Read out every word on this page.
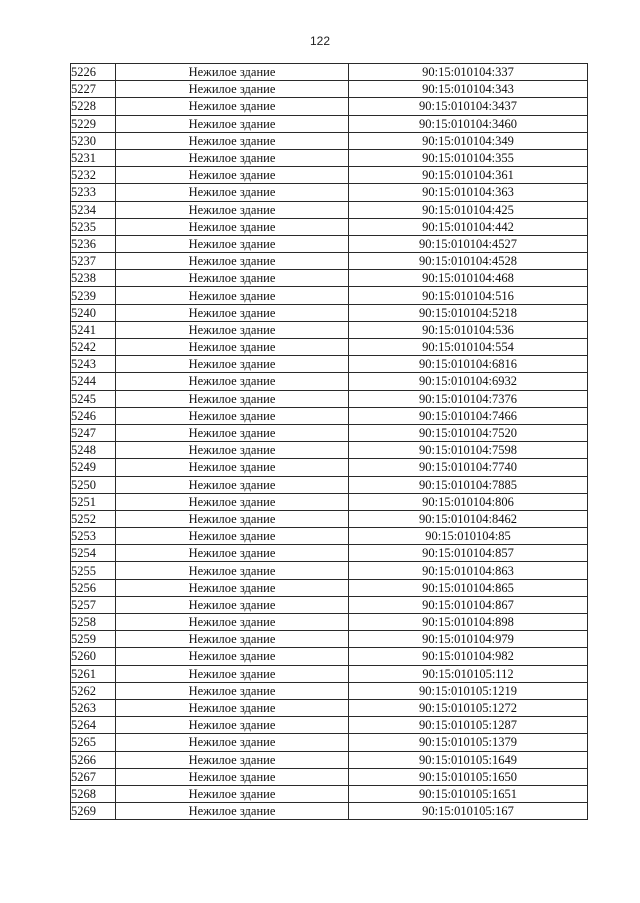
122
5226	Нежилое здание	90:15:010104:337
5227	Нежилое здание	90:15:010104:343
5228	Нежилое здание	90:15:010104:3437
5229	Нежилое здание	90:15:010104:3460
5230	Нежилое здание	90:15:010104:349
5231	Нежилое здание	90:15:010104:355
5232	Нежилое здание	90:15:010104:361
5233	Нежилое здание	90:15:010104:363
5234	Нежилое здание	90:15:010104:425
5235	Нежилое здание	90:15:010104:442
5236	Нежилое здание	90:15:010104:4527
5237	Нежилое здание	90:15:010104:4528
5238	Нежилое здание	90:15:010104:468
5239	Нежилое здание	90:15:010104:516
5240	Нежилое здание	90:15:010104:5218
5241	Нежилое здание	90:15:010104:536
5242	Нежилое здание	90:15:010104:554
5243	Нежилое здание	90:15:010104:6816
5244	Нежилое здание	90:15:010104:6932
5245	Нежилое здание	90:15:010104:7376
5246	Нежилое здание	90:15:010104:7466
5247	Нежилое здание	90:15:010104:7520
5248	Нежилое здание	90:15:010104:7598
5249	Нежилое здание	90:15:010104:7740
5250	Нежилое здание	90:15:010104:7885
5251	Нежилое здание	90:15:010104:806
5252	Нежилое здание	90:15:010104:8462
5253	Нежилое здание	90:15:010104:85
5254	Нежилое здание	90:15:010104:857
5255	Нежилое здание	90:15:010104:863
5256	Нежилое здание	90:15:010104:865
5257	Нежилое здание	90:15:010104:867
5258	Нежилое здание	90:15:010104:898
5259	Нежилое здание	90:15:010104:979
5260	Нежилое здание	90:15:010104:982
5261	Нежилое здание	90:15:010105:112
5262	Нежилое здание	90:15:010105:1219
5263	Нежилое здание	90:15:010105:1272
5264	Нежилое здание	90:15:010105:1287
5265	Нежилое здание	90:15:010105:1379
5266	Нежилое здание	90:15:010105:1649
5267	Нежилое здание	90:15:010105:1650
5268	Нежилое здание	90:15:010105:1651
5269	Нежилое здание	90:15:010105:167
